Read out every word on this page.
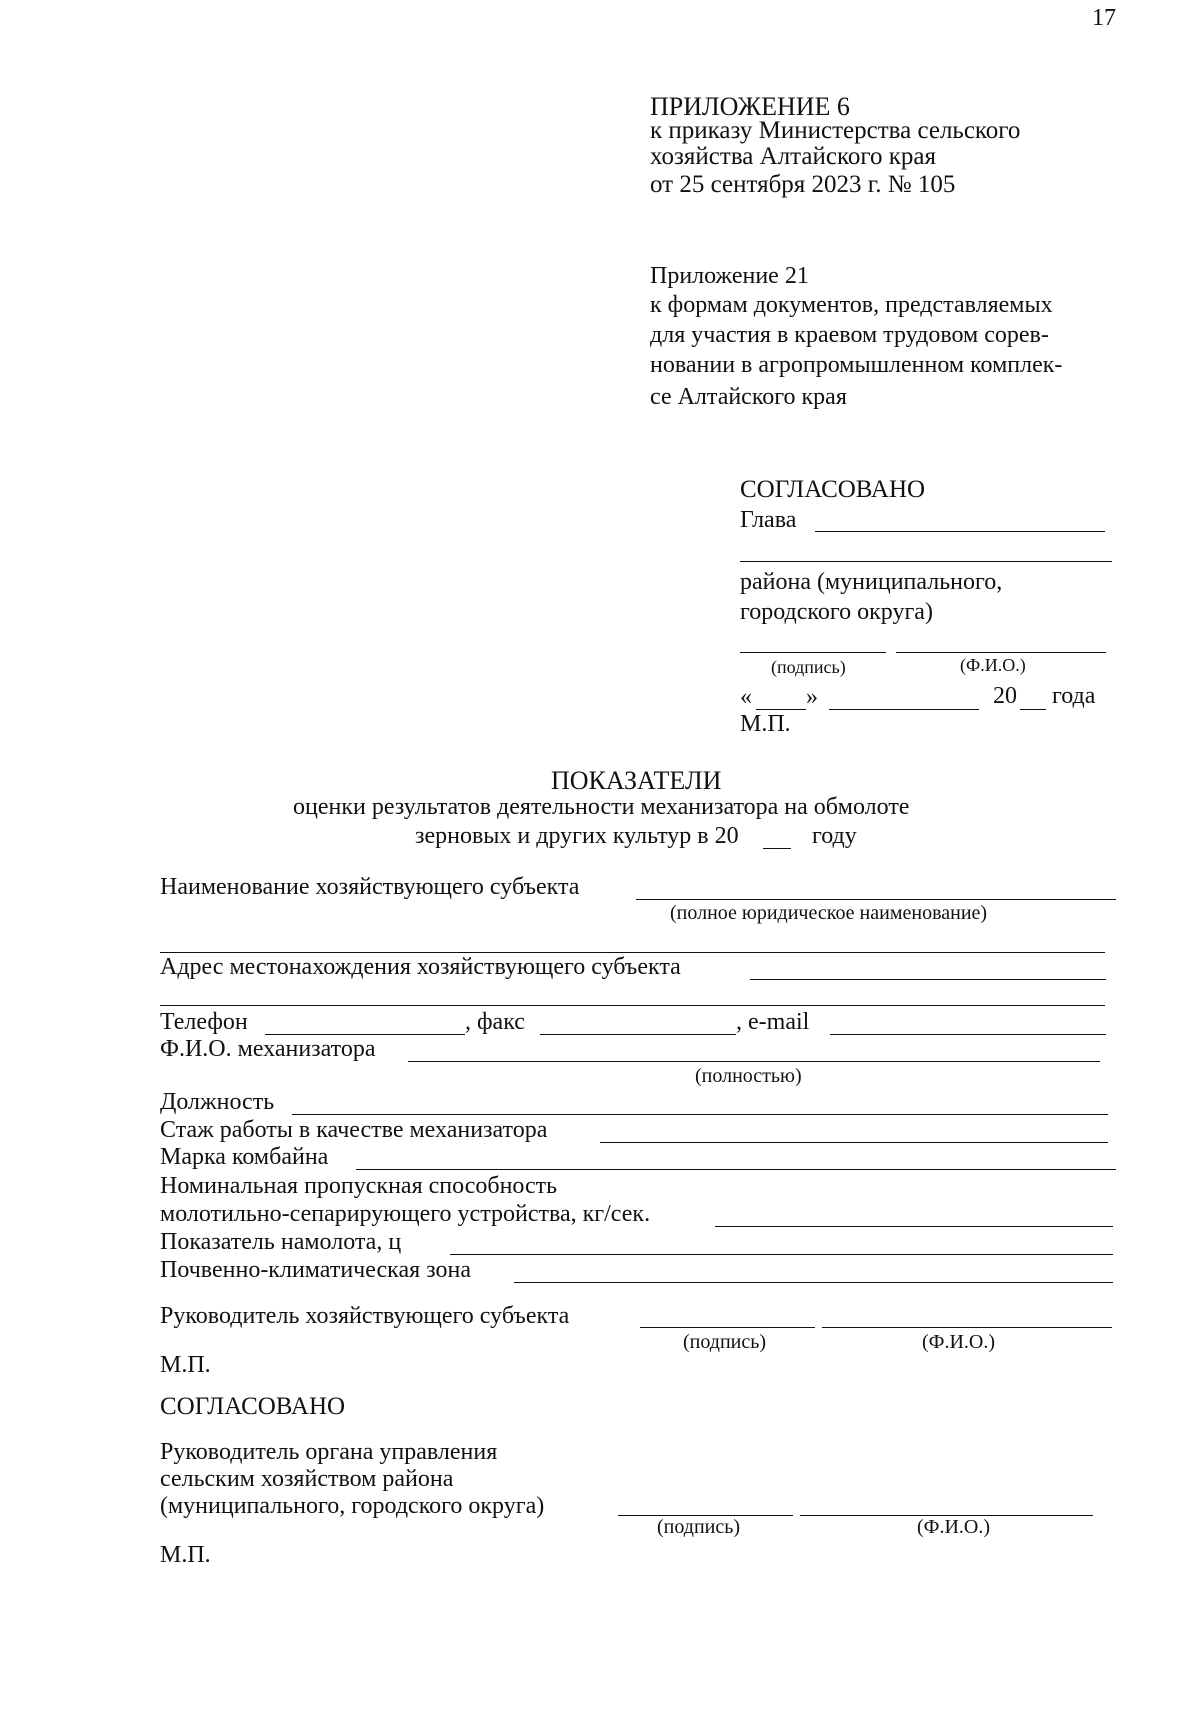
17
ПРИЛОЖЕНИЕ 6
к приказу Министерства сельского
хозяйства Алтайского края
от 25 сентября 2023 г. № 105
Приложение 21
к формам документов, представляемых
для участия в краевом трудовом сорев-
новании в агропромышленном комплек-
се Алтайского края
СОГЛАСОВАНО
Глава
района (муниципального,
городского округа)
(подпись)	(Ф.И.О.)
« »	20 года
М.П.
ПОКАЗАТЕЛИ
оценки результатов деятельности механизатора на обмолоте
зерновых и других культур в 20	году
Наименование хозяйствующего субъекта
(полное юридическое наименование)
Адрес местонахождения хозяйствующего субъекта
Телефон	, факс	, e-mail
Ф.И.О. механизатора
(полностью)
Должность
Стаж работы в качестве механизатора
Марка комбайна
Номинальная пропускная способность
молотильно-сепарирующего устройства, кг/сек.
Показатель намолота, ц
Почвенно-климатическая зона
Руководитель хозяйствующего субъекта
(подпись)	(Ф.И.О.)
М.П.
СОГЛАСОВАНО
Руководитель органа управления
сельским хозяйством района
(муниципального, городского округа)
(подпись)	(Ф.И.О.)
М.П.
